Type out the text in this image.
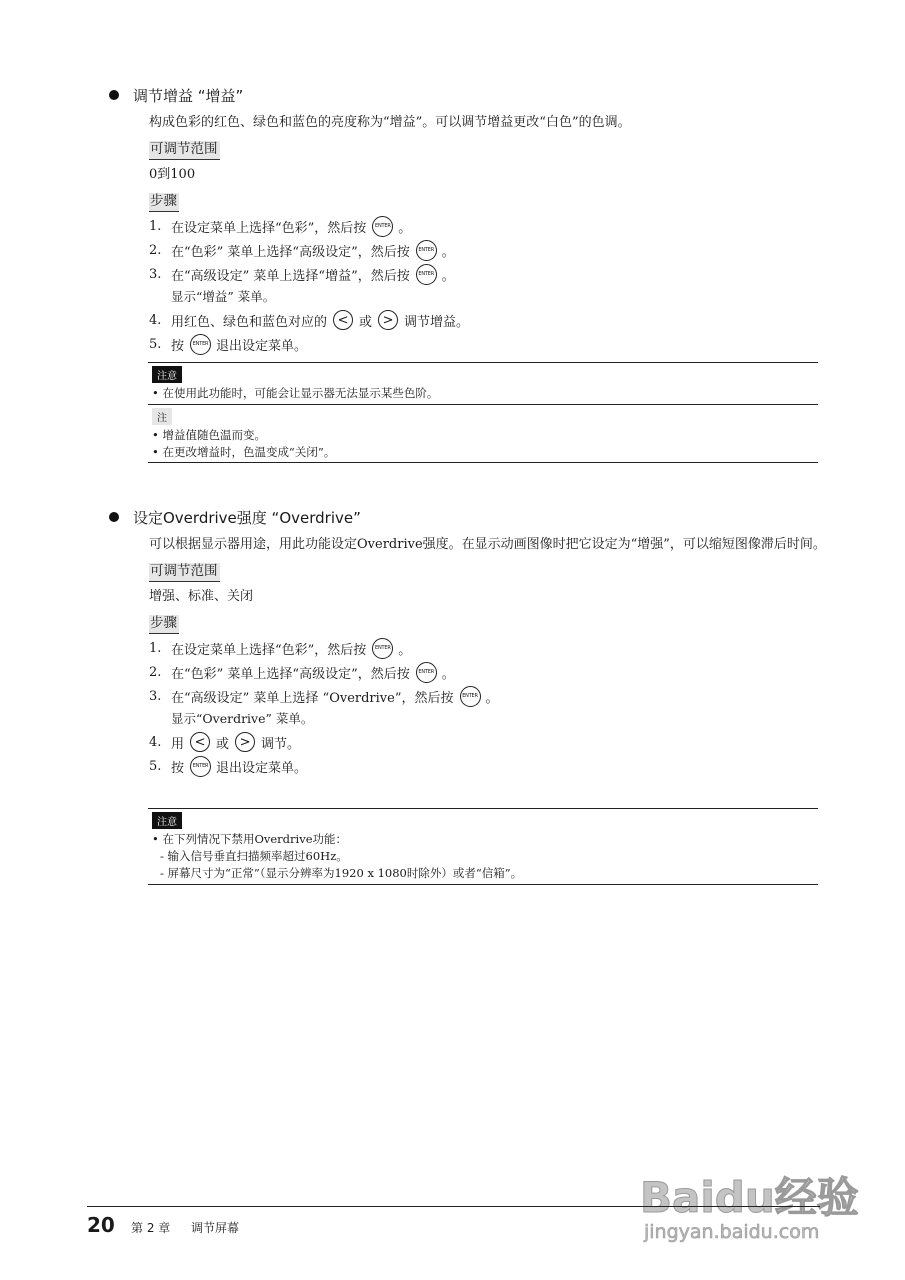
调节增益 “增益”
构成色彩的红色、绿色和蓝色的亮度称为“增益”。可以调节增益更改“白色”的色调。
可调节范围
0到100
步骤
1. 在设定菜单上选择“色彩”，然后按	ENTER 。
2. 在“色彩” 菜单上选择“高级设定”，然后按	ENTER 。
3. 在“高级设定” 菜单上选择“增益”，然后按	ENTER 。
显示“增益” 菜单。
4. 用红色、绿色和蓝色对应的 < 或 > 调节增益。
5. 按	ENTER 退出设定菜单。
注意
• 在使用此功能时，可能会让显示器无法显示某些色阶。
注
• 增益值随色温而变。
• 在更改增益时，色温变成“关闭”。
设定Overdrive强度 “Overdrive”
可以根据显示器用途，用此功能设定Overdrive强度。在显示动画图像时把它设定为“增强”，可以缩短图像滞后时间。
可调节范围
增强、标准、关闭
步骤
1. 在设定菜单上选择“色彩”，然后按	ENTER 。
2. 在“色彩” 菜单上选择“高级设定”，然后按	ENTER 。
3. 在“高级设定” 菜单上选择 “Overdrive”，然后按	ENTER 。
显示“Overdrive” 菜单。
4. 用 < 或 > 调节。
5. 按	ENTER 退出设定菜单。
注意
• 在下列情况下禁用Overdrive功能：
- 输入信号垂直扫描频率超过60Hz。
- 屏幕尺寸为“正常”（显示分辨率为1920 x 1080时除外）或者“信箱”。
Baidu经验
jingyan.baidu.com
20 第 2 章 调节屏幕
